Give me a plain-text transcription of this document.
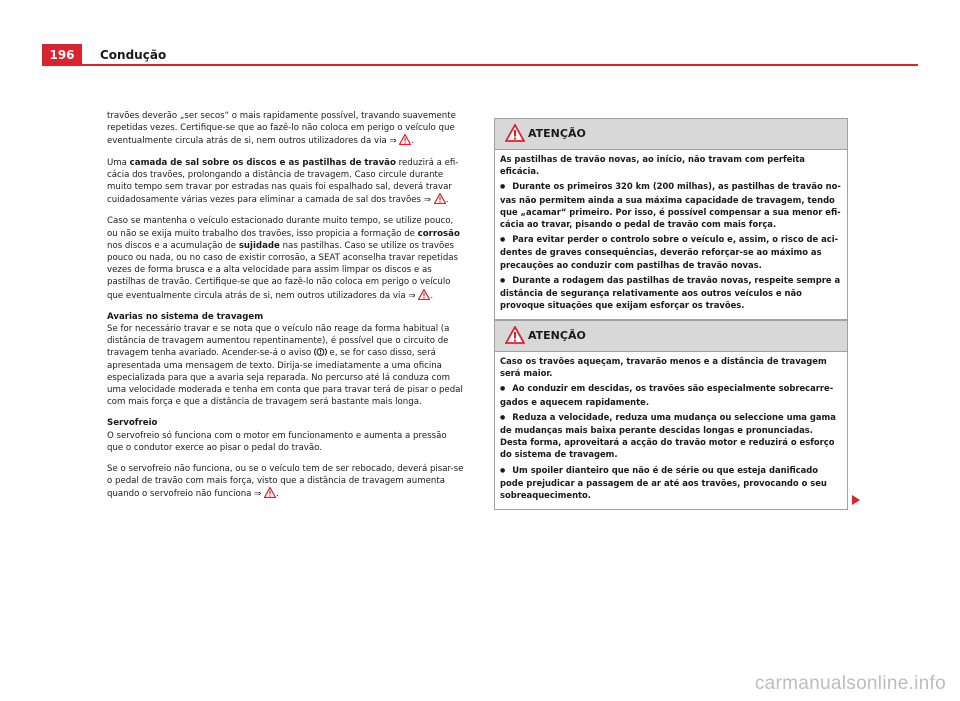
196	Condução

travões deverão „ser secos“ o mais rapidamente possível, travando suavemente repetidas vezes. Certifique-se que ao fazê-lo não coloca em perigo o veículo que eventualmente circula atrás de si, nem outros utilizadores da via ⇒ .

Uma camada de sal sobre os discos e as pastilhas de travão reduzirá a eficácia dos travões, prolongando a distância de travagem. Caso circule durante muito tempo sem travar por estradas nas quais foi espalhado sal, deverá travar cuidadosamente várias vezes para eliminar a camada de sal dos travões ⇒ .

Caso se mantenha o veículo estacionado durante muito tempo, se utilize pouco, ou não se exija muito trabalho dos travões, isso propicia a formação de corrosão nos discos e a acumulação de sujidade nas pastilhas. Caso se utilize os travões pouco ou nada, ou no caso de existir corrosão, a SEAT aconselha travar repetidas vezes de forma brusca e a alta velocidade para assim limpar os discos e as pastilhas de travão. Certifique-se que ao fazê-lo não coloca em perigo o veículo que eventualmente circula atrás de si, nem outros utilizadores da via ⇒ .

Avarias no sistema de travagem

Se for necessário travar e se nota que o veículo não reage da forma habitual (a distância de travagem aumentou repentinamente), é possível que o circuito de travagem tenha avariado. Acender-se-á o aviso  e, se for caso disso, será apresentada uma mensagem de texto. Dirija-se imediatamente a uma oficina especializada para que a avaria seja reparada. No percurso até lá conduza com uma velocidade moderada e tenha em conta que para travar terá de pisar o pedal com mais força e que a distância de travagem será bastante mais longa.

Servofreio

O servofreio só funciona com o motor em funcionamento e aumenta a pressão que o condutor exerce ao pisar o pedal do travão.

Se o servofreio não funciona, ou se o veículo tem de ser rebocado, deverá pisar-se o pedal de travão com mais força, visto que a distância de travagem aumenta quando o servofreio não funciona ⇒ .

ATENÇÃO

As pastilhas de travão novas, ao início, não travam com perfeita eficácia.

● Durante os primeiros 320 km (200 milhas), as pastilhas de travão novas não permitem ainda a sua máxima capacidade de travagem, tendo que „acamar“ primeiro. Por isso, é possível compensar a sua menor eficácia ao travar, pisando o pedal de travão com mais força.

● Para evitar perder o controlo sobre o veículo e, assim, o risco de acidentes de graves consequências, deverão reforçar-se ao máximo as precauções ao conduzir com pastilhas de travão novas.

● Durante a rodagem das pastilhas de travão novas, respeite sempre a distância de segurança relativamente aos outros veículos e não provoque situações que exijam esforçar os travões.

ATENÇÃO

Caso os travões aqueçam, travarão menos e a distância de travagem será maior.

● Ao conduzir em descidas, os travões são especialmente sobrecarregados e aquecem rapidamente.

● Reduza a velocidade, reduza uma mudança ou seleccione uma gama de mudanças mais baixa perante descidas longas e pronunciadas. Desta forma, aproveitará a acção do travão motor e reduzirá o esforço do sistema de travagem.

● Um spoiler dianteiro que não é de série ou que esteja danificado pode prejudicar a passagem de ar até aos travões, provocando o seu sobreaquecimento.

carmanualsonline.info
